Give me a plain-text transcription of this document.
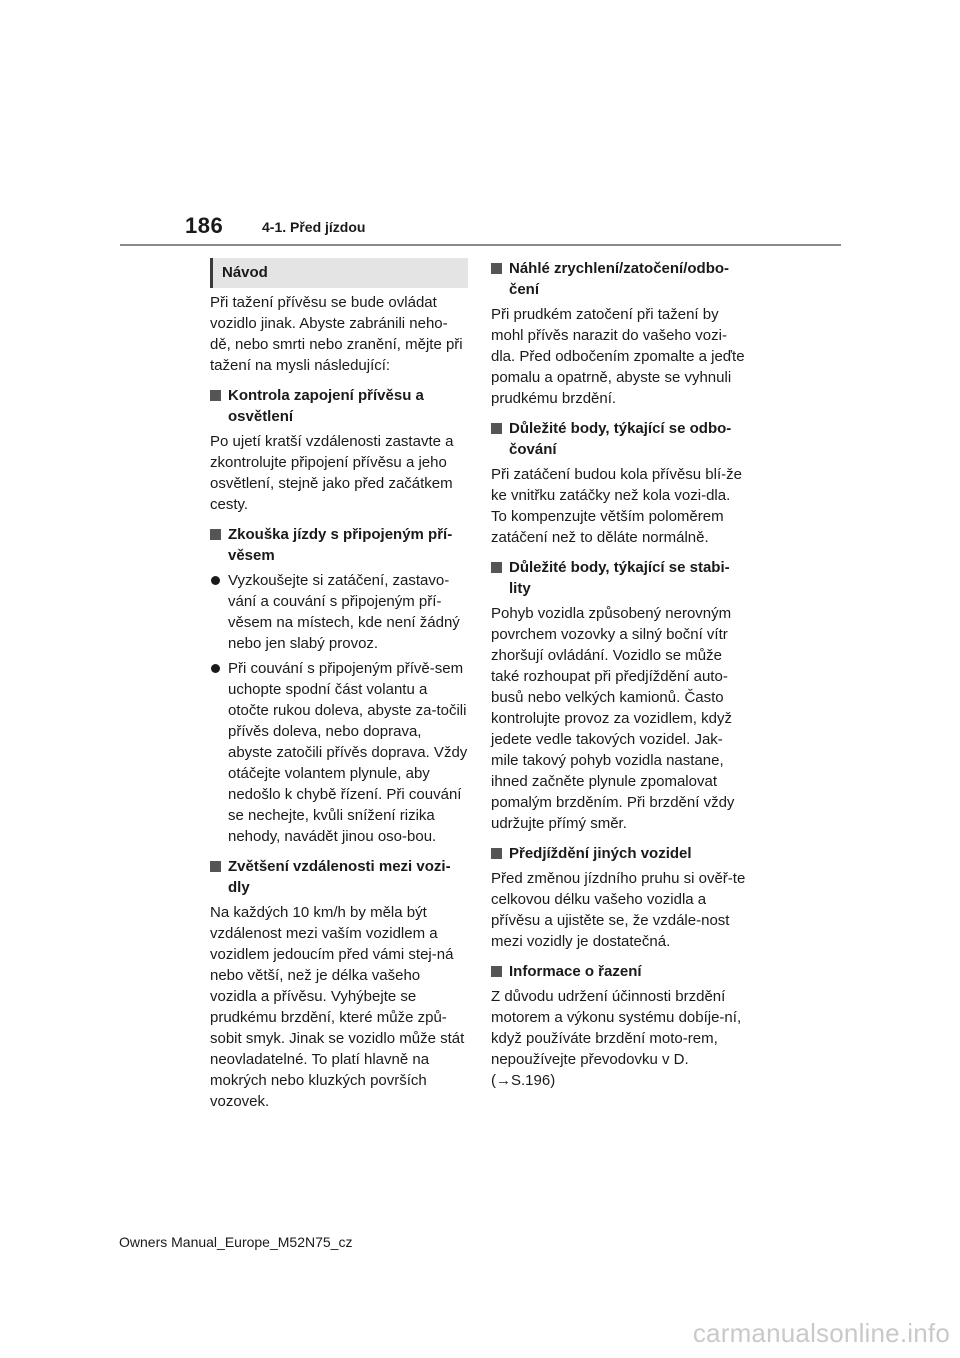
186	4-1. Před jízdou
Návod

Při tažení přívěsu se bude ovládat vozidlo jinak. Abyste zabránili neho-dě, nebo smrti nebo zranění, mějte při tažení na mysli následující:

Kontrola zapojení přívěsu a osvětlení

Po ujetí kratší vzdálenosti zastavte a zkontrolujte připojení přívěsu a jeho osvětlení, stejně jako před začátkem cesty.

Zkouška jízdy s připojeným pří-věsem
Vyzkoušejte si zatáčení, zastavo-vání a couvání s připojeným pří-věsem na místech, kde není žádný nebo jen slabý provoz.
Při couvání s připojeným přívě-sem uchopte spodní část volantu a otočte rukou doleva, abyste za-točili přívěs doleva, nebo doprava, abyste zatočili přívěs doprava. Vždy otáčejte volantem plynule, aby nedošlo k chybě řízení. Při couvání se nechejte, kvůli snížení rizika nehody, navádět jinou oso-bou.
Zvětšení vzdálenosti mezi vozi-dly

Na každých 10 km/h by měla být vzdálenost mezi vaším vozidlem a vozidlem jedoucím před vámi stej-ná nebo větší, než je délka vašeho vozidla a přívěsu. Vyhýbejte se prudkému brzdění, které může způ-sobit smyk. Jinak se vozidlo může stát neovladatelné. To platí hlavně na mokrých nebo kluzkých površích vozovek.

Náhlé zrychlení/zatočení/odbo-čení

Při prudkém zatočení při tažení by mohl přívěs narazit do vašeho vozi-dla. Před odbočením zpomalte a jeďte pomalu a opatrně, abyste se vyhnuli prudkému brzdění.

Důležité body, týkající se odbo-čování

Při zatáčení budou kola přívěsu blí-že ke vnitřku zatáčky než kola vozi-dla. To kompenzujte větším poloměrem zatáčení než to děláte normálně.

Důležité body, týkající se stabi-lity

Pohyb vozidla způsobený nerovným povrchem vozovky a silný boční vítr zhoršují ovládání. Vozidlo se může také rozhoupat při předjíždění auto-busů nebo velkých kamionů. Často kontrolujte provoz za vozidlem, když jedete vedle takových vozidel. Jak-mile takový pohyb vozidla nastane, ihned začněte plynule zpomalovat pomalým brzděním. Při brzdění vždy udržujte přímý směr.

Předjíždění jiných vozidel

Před změnou jízdního pruhu si ověř-te celkovou délku vašeho vozidla a přívěsu a ujistěte se, že vzdále-nost mezi vozidly je dostatečná.

Informace o řazení

Z důvodu udržení účinnosti brzdění motorem a výkonu systému dobíje-ní, když používáte brzdění moto-rem, nepoužívejte převodovku v D. (→S.196)

Owners Manual_Europe_M52N75_cz
carmanualsonline.info
